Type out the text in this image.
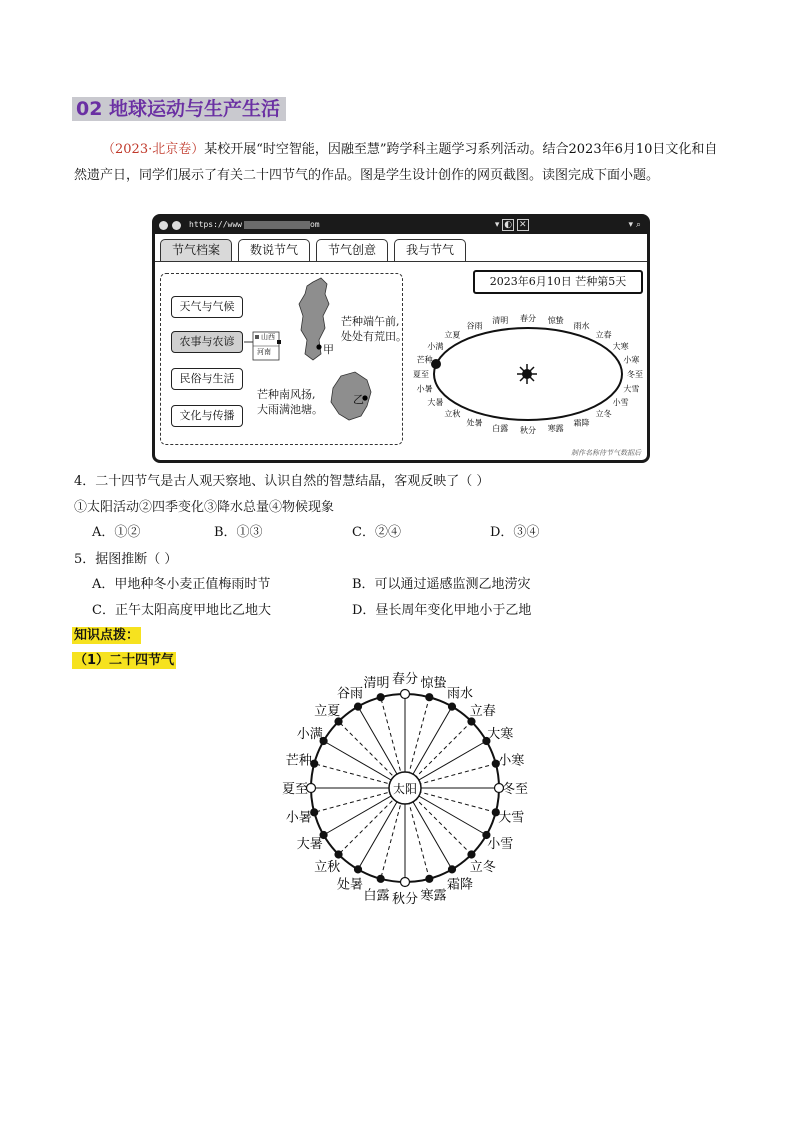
02 地球运动与生产生活
（2023·北京卷）某校开展“时空智能，因融至慧”跨学科主题学习系列活动。结合2023年6月10日文化和自然遗产日，同学们展示了有关二十四节气的作品。图是学生设计创作的网页截图。读图完成下面小题。
https://www	om	▾ ◐ ✕	▾ ⌕
节气档案	数说节气	节气创意	我与节气
天气与气候
农事与农谚
民俗与生活
文化与传播
山西
河南
芒种端午前,
处处有荒田。
甲
芒种南风扬,
大雨满池塘。
乙
2023年6月10日 芒种第5天
春分 惊蛰
雨水
立春
大寒
小寒
冬至
大雪
小雪
立冬
霜降
寒露
秋分
白露
处暑
立秋
大暑
小暑
夏至
芒种
小满
立夏
谷雨
清明
制作名称待节气数据后
4．二十四节气是古人观天察地、认识自然的智慧结晶，客观反映了（ ）
①太阳活动②四季变化③降水总量④物候现象
A．①②	B．①③	C．②④	D．③④
5．据图推断（ ）
A．甲地种冬小麦正值梅雨时节	B．可以通过遥感监测乙地涝灾
C．正午太阳高度甲地比乙地大	D．昼长周年变化甲地小于乙地
知识点拨：
（1）二十四节气
太阳
春分 惊蛰
雨水
立春
大寒
小寒
冬至
大雪
小雪
立冬
霜降
寒露
秋分
白露
处暑
立秋
大暑
小暑
夏至
芒种
小满
立夏
谷雨
清明
